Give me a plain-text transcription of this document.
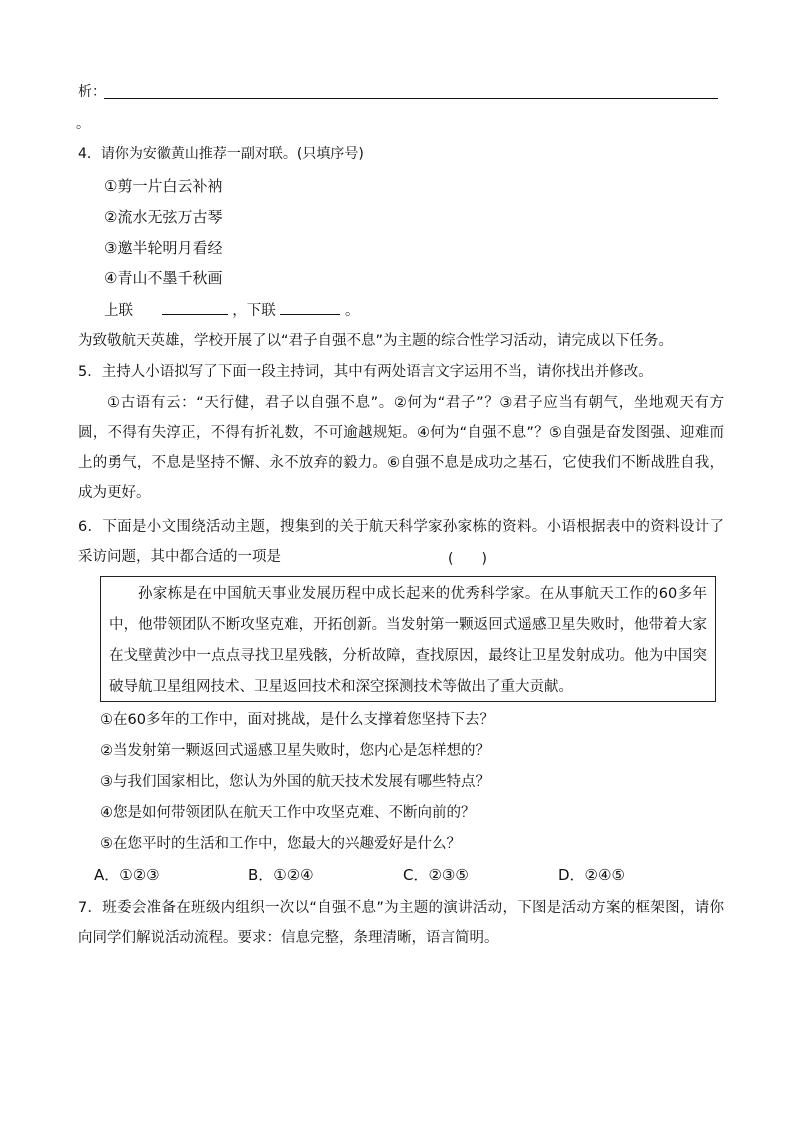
析：
。
4．请你为安徽黄山推荐一副对联。(只填序号)
①剪一片白云补衲
②流水无弦万古琴
③邀半轮明月看经
④青山不墨千秋画
上联	，下联	。
为致敬航天英雄，学校开展了以“君子自强不息”为主题的综合性学习活动，请完成以下任务。
5．主持人小语拟写了下面一段主持词，其中有两处语言文字运用不当，请你找出并修改。
①古语有云：“天行健，君子以自强不息”。②何为“君子”？③君子应当有朝气，坐地观天有方圆，不得有失淳正，不得有折礼数，不可逾越规矩。④何为“自强不息”？⑤自强是奋发图强、迎难而上的勇气，不息是坚持不懈、永不放弃的毅力。⑥自强不息是成功之基石，它使我们不断战胜自我，成为更好。
6．下面是小文围绕活动主题，搜集到的关于航天科学家孙家栋的资料。小语根据表中的资料设计了采访问题，其中都合适的一项是	(　　)
孙家栋是在中国航天事业发展历程中成长起来的优秀科学家。在从事航天工作的60多年中，他带领团队不断攻坚克难，开拓创新。当发射第一颗返回式遥感卫星失败时，他带着大家在戈壁黄沙中一点点寻找卫星残骸，分析故障，查找原因，最终让卫星发射成功。他为中国突破导航卫星组网技术、卫星返回技术和深空探测技术等做出了重大贡献。
①在60多年的工作中，面对挑战，是什么支撑着您坚持下去？
②当发射第一颗返回式遥感卫星失败时，您内心是怎样想的？
③与我们国家相比，您认为外国的航天技术发展有哪些特点？
④您是如何带领团队在航天工作中攻坚克难、不断向前的？
⑤在您平时的生活和工作中，您最大的兴趣爱好是什么？
A．①②③	B．①②④	C．②③⑤	D．②④⑤
7．班委会准备在班级内组织一次以“自强不息”为主题的演讲活动，下图是活动方案的框架图，请你向同学们解说活动流程。要求：信息完整，条理清晰，语言简明。
